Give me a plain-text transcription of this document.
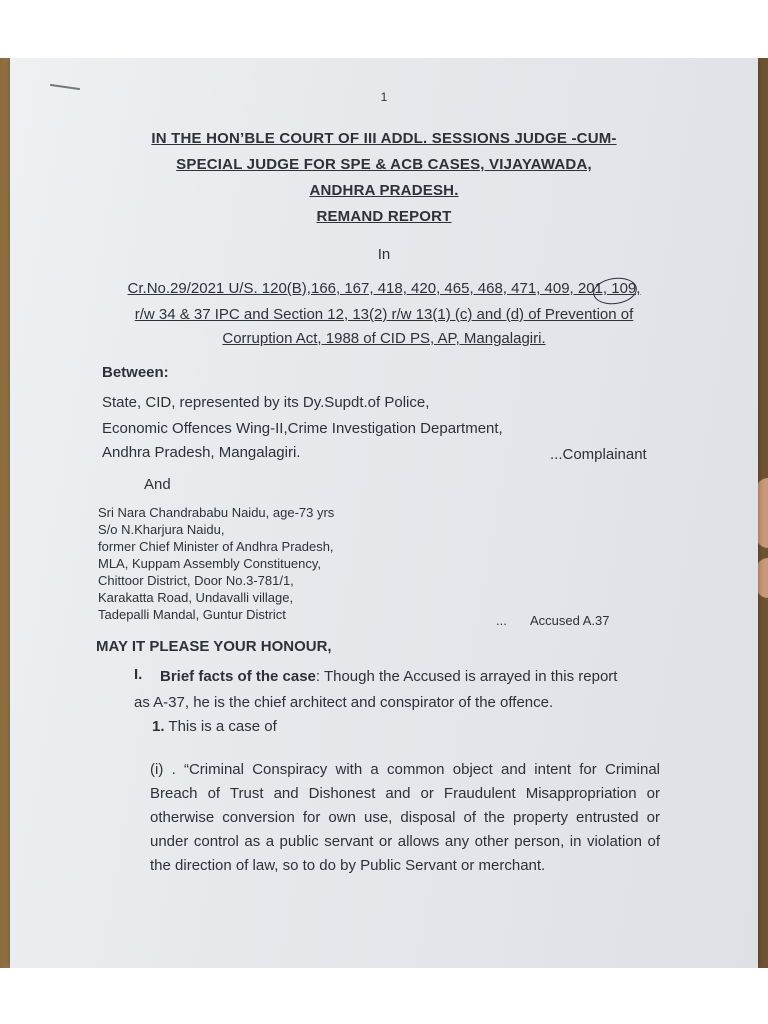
1
IN THE HON’BLE COURT OF III ADDL. SESSIONS JUDGE -CUM-
SPECIAL JUDGE FOR SPE & ACB CASES, VIJAYAWADA,
ANDHRA PRADESH.
REMAND REPORT
In
Cr.No.29/2021 U/S. 120(B),166, 167, 418, 420, 465, 468, 471, 409, 201, 109,
r/w 34 & 37 IPC and Section 12, 13(2) r/w 13(1) (c) and (d) of Prevention of
Corruption Act, 1988 of CID PS, AP, Mangalagiri.
Between:
State, CID, represented by its Dy.Supdt.of Police,
Economic Offences Wing-II,Crime Investigation Department,
Andhra Pradesh, Mangalagiri.	...Complainant
And
Sri Nara Chandrababu Naidu, age-73 yrs
S/o N.Kharjura Naidu,
former Chief Minister of Andhra Pradesh,
MLA, Kuppam Assembly Constituency,
Chittoor District, Door No.3-781/1,
Karakatta Road, Undavalli village,
Tadepalli Mandal, Guntur District	... Accused A.37
MAY IT PLEASE YOUR HONOUR,
I. Brief facts of the case: Though the Accused is arrayed in this report
as A-37, he is the chief architect and conspirator of the offence.
1. This is a case of
(i) . “Criminal Conspiracy with a common object and intent for Criminal Breach of Trust and Dishonest and or Fraudulent Misappropriation or otherwise conversion for own use, disposal of the property entrusted or under control as a public servant or allows any other person, in violation of the direction of law, so to do by Public Servant or merchant.
